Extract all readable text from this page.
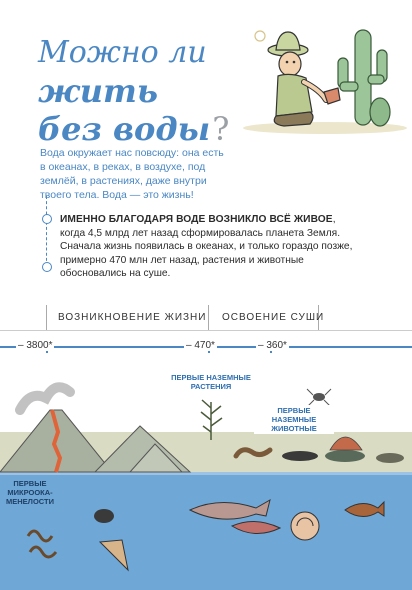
Можно ли
жить
без воды?
Вода окружает нас повсюду: она есть в океанах, в реках, в воздухе, под землёй, в растениях, даже внутри твоего тела. Вода — это жизнь!
ИМЕННО БЛАГОДАРЯ ВОДЕ ВОЗНИКЛО ВСЁ ЖИВОЕ, когда 4,5 млрд лет назад сформировалась планета Земля. Сначала жизнь появилась в океанах, и только гораздо позже, примерно 470 млн лет назад, растения и животные обосновались на суше.
ВОЗНИКНОВЕНИЕ ЖИЗНИ ОСВОЕНИЕ СУШИ
– 3800*	– 470*	– 360*
ПЕРВЫЕ НАЗЕМНЫЕ РАСТЕНИЯ
ПЕРВЫЕ НАЗЕМНЫЕ ЖИВОТНЫЕ
ПЕРВЫЕ МИКРООКА- МЕНЕЛОСТИ
